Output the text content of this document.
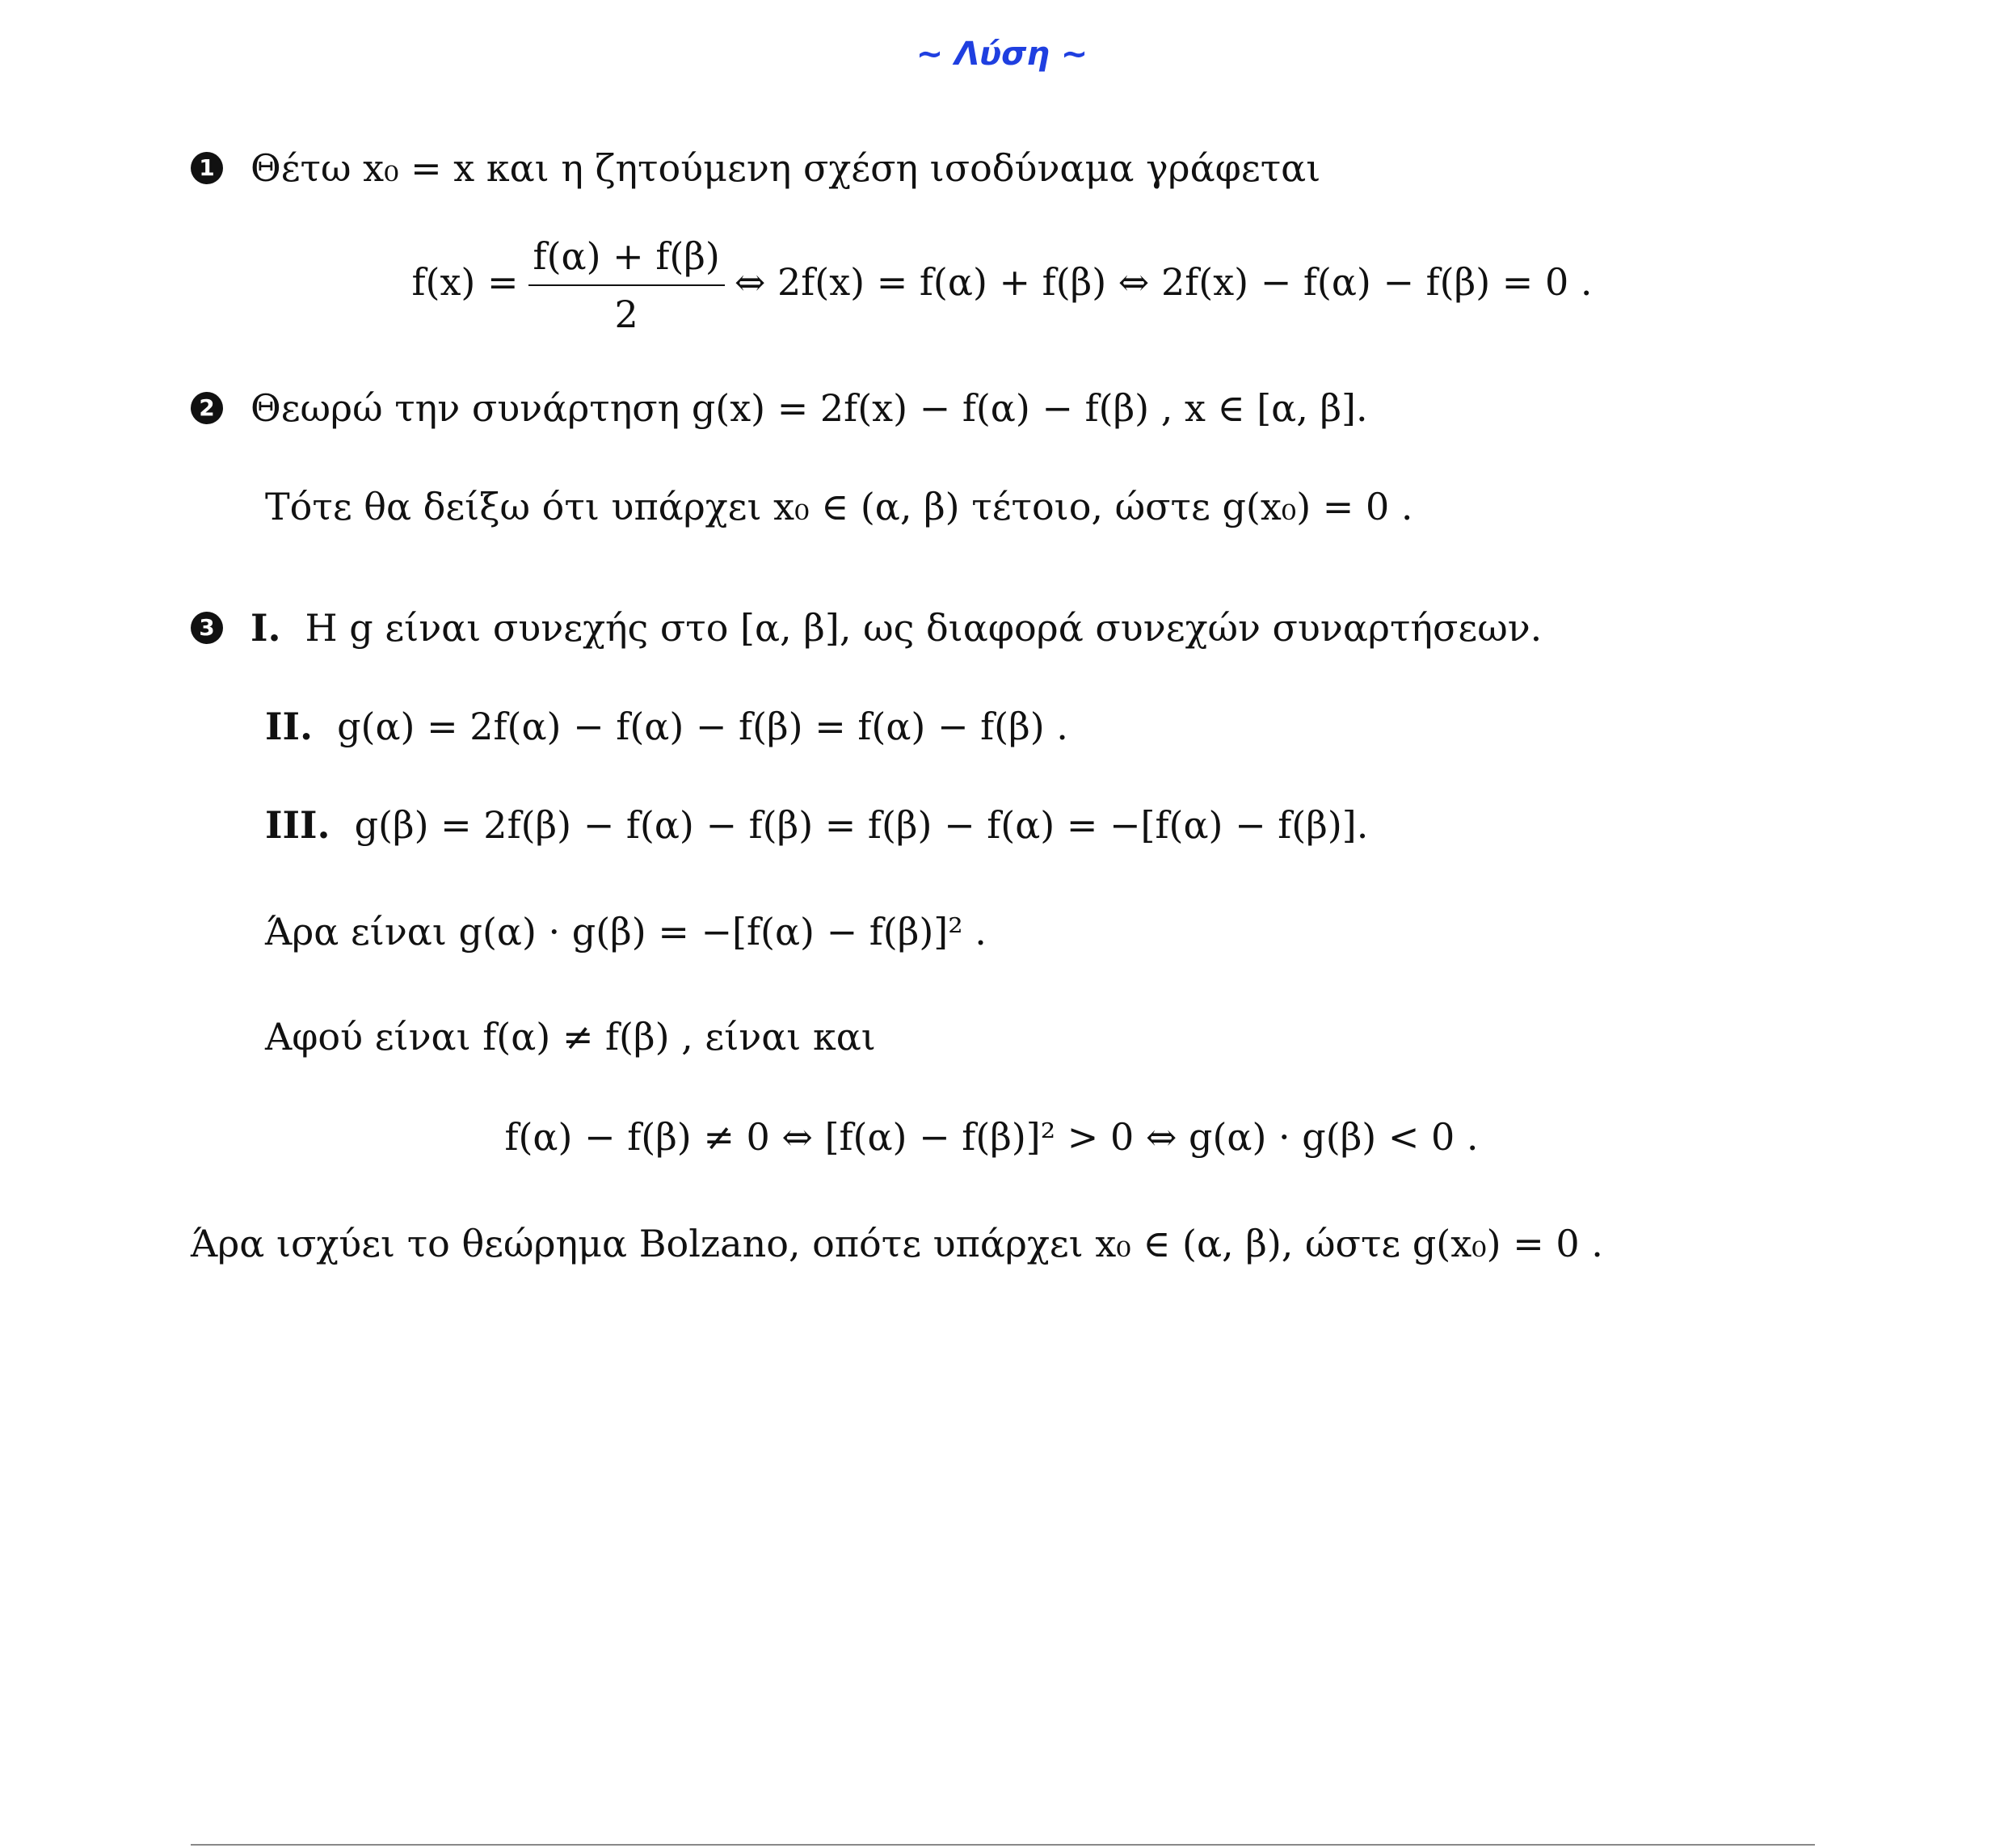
~ Λύση ~
1 Θέτω x₀ = x και η ζητούμενη σχέση ισοδύναμα γράφεται
$f(x) = \frac{f(\alpha) + f(\beta)}{2}$ ⇔ 2f(x) = f(α) + f(β) ⇔ 2f(x) − f(α) − f(β) = 0 .
2 Θεωρώ την συνάρτηση g(x) = 2f(x) − f(α) − f(β) , x ∈ [α, β].
Τότε θα δείξω ότι υπάρχει x₀ ∈ (α, β) τέτοιο, ώστε g(x₀) = 0 .
3 I. Η g είναι συνεχής στο [α, β], ως διαφορά συνεχών συναρτήσεων.
II. g(α) = 2f(α) − f(α) − f(β) = f(α) − f(β) .
III. g(β) = 2f(β) − f(α) − f(β) = f(β) − f(α) = −[f(α) − f(β)].
Άρα είναι g(α) · g(β) = −[f(α) − f(β)]² .
Αφού είναι f(α) ≠ f(β) , είναι και
f(α) − f(β) ≠ 0 ⇔ [f(α) − f(β)]² > 0 ⇔ g(α) · g(β) < 0 .
Άρα ισχύει το θεώρημα Bolzano, οπότε υπάρχει x₀ ∈ (α, β), ώστε g(x₀) = 0 .
